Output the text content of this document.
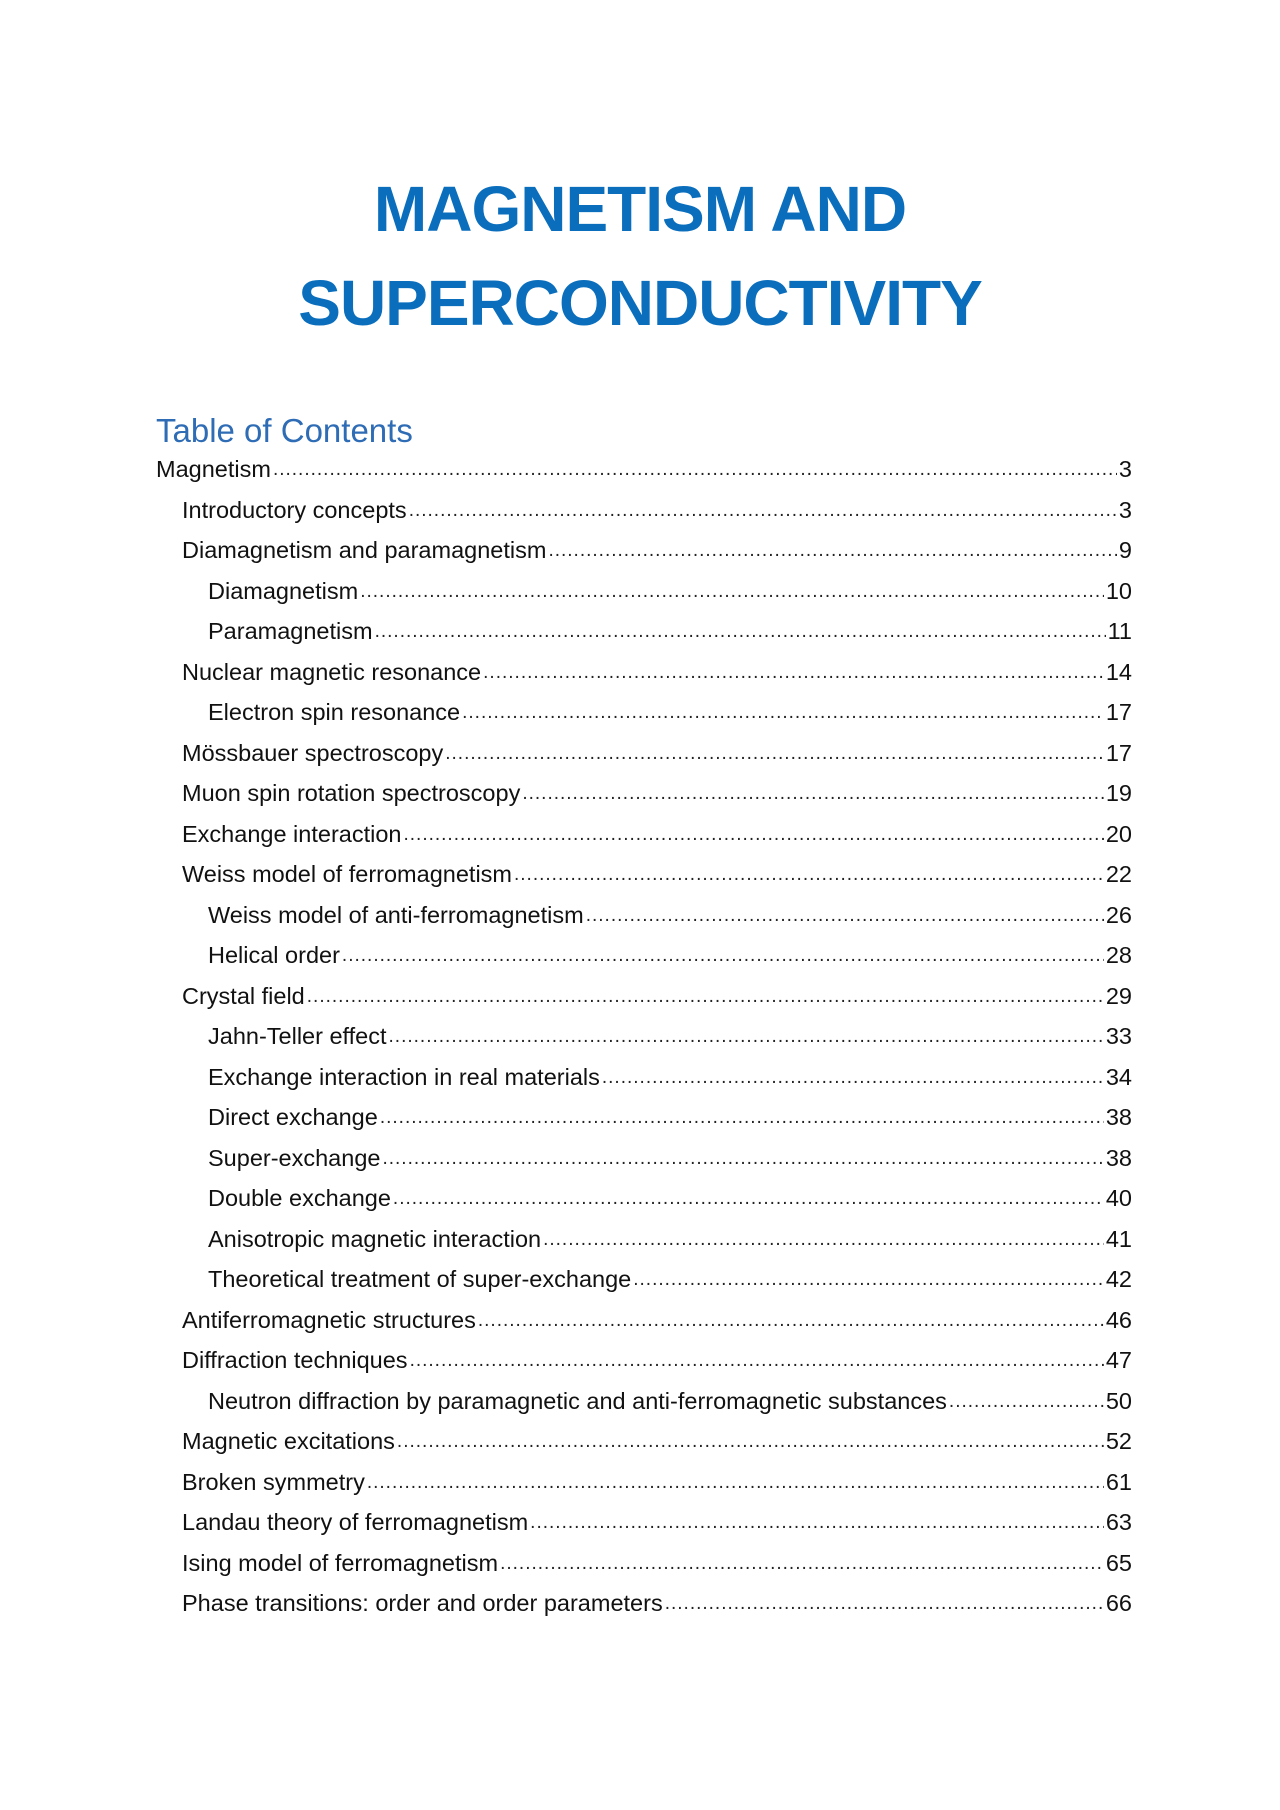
MAGNETISM AND
SUPERCONDUCTIVITY
Table of Contents
Magnetism .....	3
Introductory concepts .....	3
Diamagnetism and paramagnetism .....	9
Diamagnetism .....	10
Paramagnetism .....	11
Nuclear magnetic resonance .....	14
Electron spin resonance .....	17
Mössbauer spectroscopy .....	17
Muon spin rotation spectroscopy .....	19
Exchange interaction .....	20
Weiss model of ferromagnetism .....	22
Weiss model of anti-ferromagnetism .....	26
Helical order .....	28
Crystal field .....	29
Jahn-Teller effect .....	33
Exchange interaction in real materials .....	34
Direct exchange .....	38
Super-exchange .....	38
Double exchange .....	40
Anisotropic magnetic interaction .....	41
Theoretical treatment of super-exchange .....	42
Antiferromagnetic structures .....	46
Diffraction techniques .....	47
Neutron diffraction by paramagnetic and anti-ferromagnetic substances .....	50
Magnetic excitations .....	52
Broken symmetry .....	61
Landau theory of ferromagnetism .....	63
Ising model of ferromagnetism .....	65
Phase transitions: order and order parameters .....	66
